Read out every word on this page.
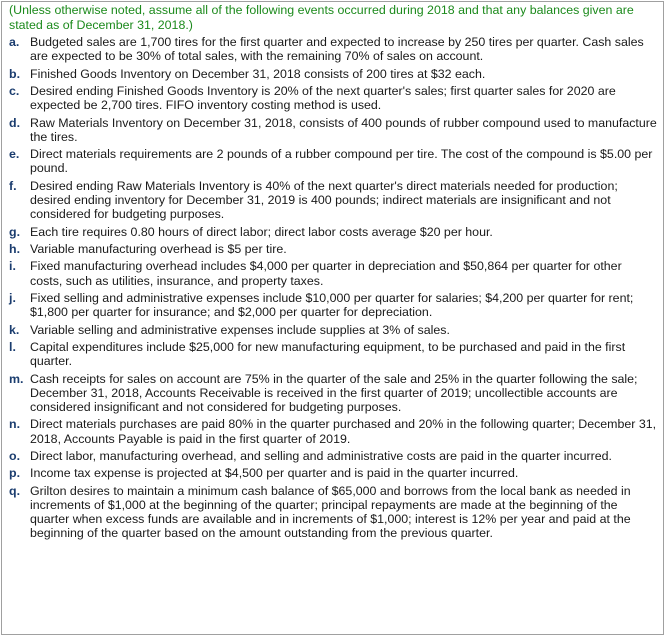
(Unless otherwise noted, assume all of the following events occurred during 2018 and that any balances given are stated as of December 31, 2018.)
a. Budgeted sales are 1,700 tires for the first quarter and expected to increase by 250 tires per quarter. Cash sales are expected to be 30% of total sales, with the remaining 70% of sales on account.
b. Finished Goods Inventory on December 31, 2018 consists of 200 tires at $32 each.
c. Desired ending Finished Goods Inventory is 20% of the next quarter's sales; first quarter sales for 2020 are expected be 2,700 tires. FIFO inventory costing method is used.
d. Raw Materials Inventory on December 31, 2018, consists of 400 pounds of rubber compound used to manufacture the tires.
e. Direct materials requirements are 2 pounds of a rubber compound per tire. The cost of the compound is $5.00 per pound.
f.	Desired ending Raw Materials Inventory is 40% of the next quarter's direct materials needed for production; desired ending inventory for December 31, 2019 is 400 pounds; indirect materials are insignificant and not considered for budgeting purposes.
g. Each tire requires 0.80 hours of direct labor; direct labor costs average $20 per hour.
h. Variable manufacturing overhead is $5 per tire.
i.	Fixed manufacturing overhead includes $4,000 per quarter in depreciation and $50,864 per quarter for other costs, such as utilities, insurance, and property taxes.
j.	Fixed selling and administrative expenses include $10,000 per quarter for salaries; $4,200 per quarter for rent; $1,800 per quarter for insurance; and $2,000 per quarter for depreciation.
k. Variable selling and administrative expenses include supplies at 3% of sales.
l.	Capital expenditures include $25,000 for new manufacturing equipment, to be purchased and paid in the first quarter.
m. Cash receipts for sales on account are 75% in the quarter of the sale and 25% in the quarter following the sale; December 31, 2018, Accounts Receivable is received in the first quarter of 2019; uncollectible accounts are considered insignificant and not considered for budgeting purposes.
n. Direct materials purchases are paid 80% in the quarter purchased and 20% in the following quarter; December 31, 2018, Accounts Payable is paid in the first quarter of 2019.
o. Direct labor, manufacturing overhead, and selling and administrative costs are paid in the quarter incurred.
p. Income tax expense is projected at $4,500 per quarter and is paid in the quarter incurred.
q. Grilton desires to maintain a minimum cash balance of $65,000 and borrows from the local bank as needed in increments of $1,000 at the beginning of the quarter; principal repayments are made at the beginning of the quarter when excess funds are available and in increments of $1,000; interest is 12% per year and paid at the beginning of the quarter based on the amount outstanding from the previous quarter.
